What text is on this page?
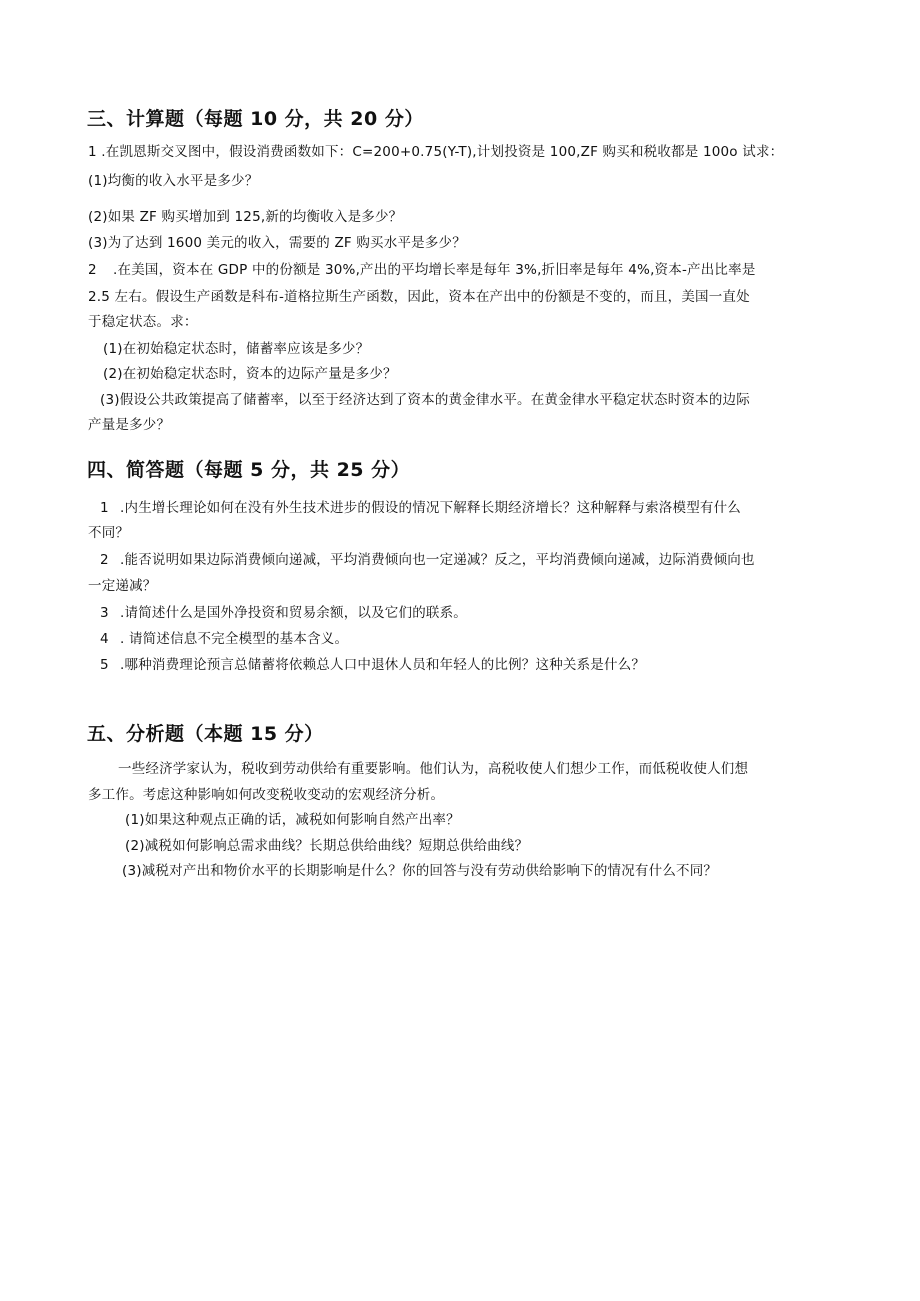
三、计算题（每题 10 分，共 20 分）
1 .在凯恩斯交叉图中，假设消费函数如下：C=200+0.75(Y-T),计划投资是 100,ZF 购买和税收都是 100o 试求：
(1)均衡的收入水平是多少？
(2)如果 ZF 购买增加到 125,新的均衡收入是多少？
(3)为了达到 1600 美元的收入，需要的 ZF 购买水平是多少？
2 .在美国，资本在 GDP 中的份额是 30%,产出的平均增长率是每年 3%,折旧率是每年 4%,资本-产出比率是
2.5 左右。假设生产函数是科布-道格拉斯生产函数，因此，资本在产出中的份额是不变的，而且，美国一直处
于稳定状态。求：
(1)在初始稳定状态时，储蓄率应该是多少？
(2)在初始稳定状态时，资本的边际产量是多少？
(3)假设公共政策提高了储蓄率，以至于经济达到了资本的黄金律水平。在黄金律水平稳定状态时资本的边际
产量是多少？
四、简答题（每题 5 分，共 25 分）
1 .内生增长理论如何在没有外生技术进步的假设的情况下解释长期经济增长？这种解释与索洛模型有什么
不同？
2 .能否说明如果边际消费倾向递减，平均消费倾向也一定递减？反之，平均消费倾向递减，边际消费倾向也
一定递减？
3 .请简述什么是国外净投资和贸易余额，以及它们的联系。
4 . 请简述信息不完全模型的基本含义。
5 .哪种消费理论预言总储蓄将依赖总人口中退休人员和年轻人的比例？这种关系是什么？
五、分析题（本题 15 分）
一些经济学家认为，税收到劳动供给有重要影响。他们认为，高税收使人们想少工作，而低税收使人们想
多工作。考虑这种影响如何改变税收变动的宏观经济分析。
(1)如果这种观点正确的话，减税如何影响自然产出率？
(2)减税如何影响总需求曲线？长期总供给曲线？短期总供给曲线？
(3)减税对产出和物价水平的长期影响是什么？你的回答与没有劳动供给影响下的情况有什么不同？
